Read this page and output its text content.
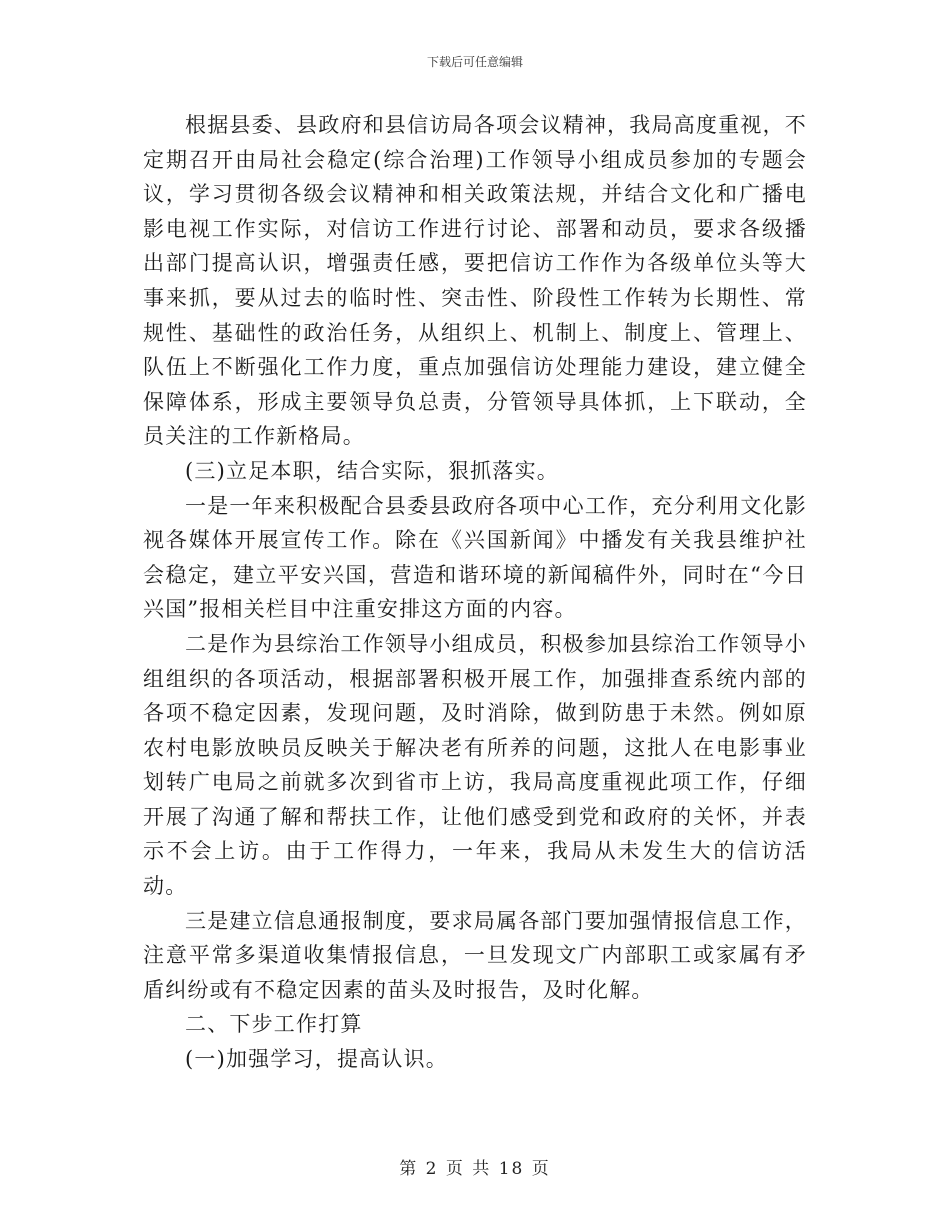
下载后可任意编辑

根据县委、县政府和县信访局各项会议精神，我局高度重视，不定期召开由局社会稳定(综合治理)工作领导小组成员参加的专题会议，学习贯彻各级会议精神和相关政策法规，并结合文化和广播电影电视工作实际，对信访工作进行讨论、部署和动员，要求各级播出部门提高认识，增强责任感，要把信访工作作为各级单位头等大事来抓，要从过去的临时性、突击性、阶段性工作转为长期性、常规性、基础性的政治任务，从组织上、机制上、制度上、管理上、队伍上不断强化工作力度，重点加强信访处理能力建设，建立健全保障体系，形成主要领导负总责，分管领导具体抓，上下联动，全员关注的工作新格局。

(三)立足本职，结合实际，狠抓落实。

一是一年来积极配合县委县政府各项中心工作，充分利用文化影视各媒体开展宣传工作。除在《兴国新闻》中播发有关我县维护社会稳定，建立平安兴国，营造和谐环境的新闻稿件外，同时在“今日兴国”报相关栏目中注重安排这方面的内容。

二是作为县综治工作领导小组成员，积极参加县综治工作领导小组组织的各项活动，根据部署积极开展工作，加强排查系统内部的各项不稳定因素，发现问题，及时消除，做到防患于未然。例如原农村电影放映员反映关于解决老有所养的问题，这批人在电影事业划转广电局之前就多次到省市上访，我局高度重视此项工作，仔细开展了沟通了解和帮扶工作，让他们感受到党和政府的关怀，并表示不会上访。由于工作得力，一年来，我局从未发生大的信访活动。

三是建立信息通报制度，要求局属各部门要加强情报信息工作，注意平常多渠道收集情报信息，一旦发现文广内部职工或家属有矛盾纠纷或有不稳定因素的苗头及时报告，及时化解。

二、下步工作打算

(一)加强学习，提高认识。

第 2 页 共 18 页
